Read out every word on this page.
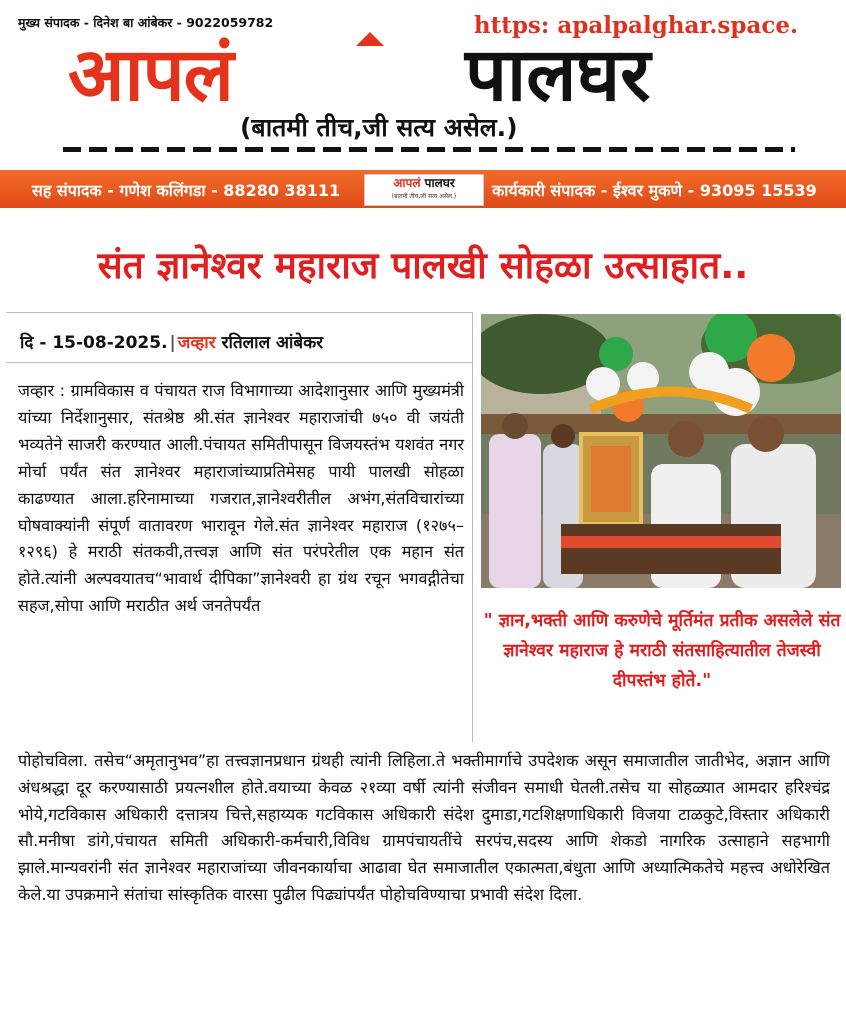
मुख्य संपादक - दिनेश बा आंबेकर - 9022059782	https: apalpalghar.space.
आपलं	पालघर
(बातमी तीच,जी सत्य असेल.)
सह संपादक - गणेश कलिंगडा - 88280 38111	आपलं पालघर
(बातमी तीच,जी सत्य असेल.)	कार्यकारी संपादक - ईश्वर मुकणे - 93095 15539
संत ज्ञानेश्वर महाराज पालखी सोहळा उत्साहात..
दि - 15-08-2025. | जव्हार रतिलाल आंबेकर
जव्हार : ग्रामविकास व पंचायत राज विभागाच्या आदेशानुसार आणि मुख्यमंत्री यांच्या निर्देशानुसार, संतश्रेष्ठ श्री.संत ज्ञानेश्वर महाराजांची ७५० वी जयंती भव्यतेने साजरी करण्यात आली.पंचायत समितीपासून विजयस्तंभ यशवंत नगर मोर्चा पर्यंत संत ज्ञानेश्वर महाराजांच्याप्रतिमेसह पायी पालखी सोहळा काढण्यात आला.हरिनामाच्या गजरात,ज्ञानेश्वरीतील अभंग,संतविचारांच्या घोषवाक्यांनी संपूर्ण वातावरण भारावून गेले.संत ज्ञानेश्वर महाराज (१२७५–१२९६) हे मराठी संतकवी,तत्त्वज्ञ आणि संत परंपरेतील एक महान संत होते.त्यांनी अल्पवयातच“भावार्थ दीपिका”ज्ञानेश्वरी हा ग्रंथ रचून भगवद्गीतेचा सहज,सोपा आणि मराठीत अर्थ जनतेपर्यंत
" ज्ञान,भक्ती आणि करुणेचे मूर्तिमंत प्रतीक असलेले संत ज्ञानेश्वर महाराज हे मराठी संतसाहित्यातील तेजस्वी दीपस्तंभ होते."
पोहोचविला. तसेच“अमृतानुभव”हा तत्त्वज्ञानप्रधान ग्रंथही त्यांनी लिहिला.ते भक्तीमार्गाचे उपदेशक असून समाजातील जातीभेद, अज्ञान आणि अंधश्रद्धा दूर करण्यासाठी प्रयत्नशील होते.वयाच्या केवळ २१व्या वर्षी त्यांनी संजीवन समाधी घेतली.तसेच या सोहळ्यात आमदार हरिश्चंद्र भोये,गटविकास अधिकारी दत्तात्रय चित्ते,सहाय्यक गटविकास अधिकारी संदेश दुमाडा,गटशिक्षणाधिकारी विजया टाळकुटे,विस्तार अधिकारी सौ.मनीषा डांगे,पंचायत समिती अधिकारी-कर्मचारी,विविध ग्रामपंचायतींचे सरपंच,सदस्य आणि शेकडो नागरिक उत्साहाने सहभागी झाले.मान्यवरांनी संत ज्ञानेश्वर महाराजांच्या जीवनकार्याचा आढावा घेत समाजातील एकात्मता,बंधुता आणि अध्यात्मिकतेचे महत्त्व अधोरेखित केले.या उपक्रमाने संतांचा सांस्कृतिक वारसा पुढील पिढ्यांपर्यंत पोहोचविण्याचा प्रभावी संदेश दिला.
